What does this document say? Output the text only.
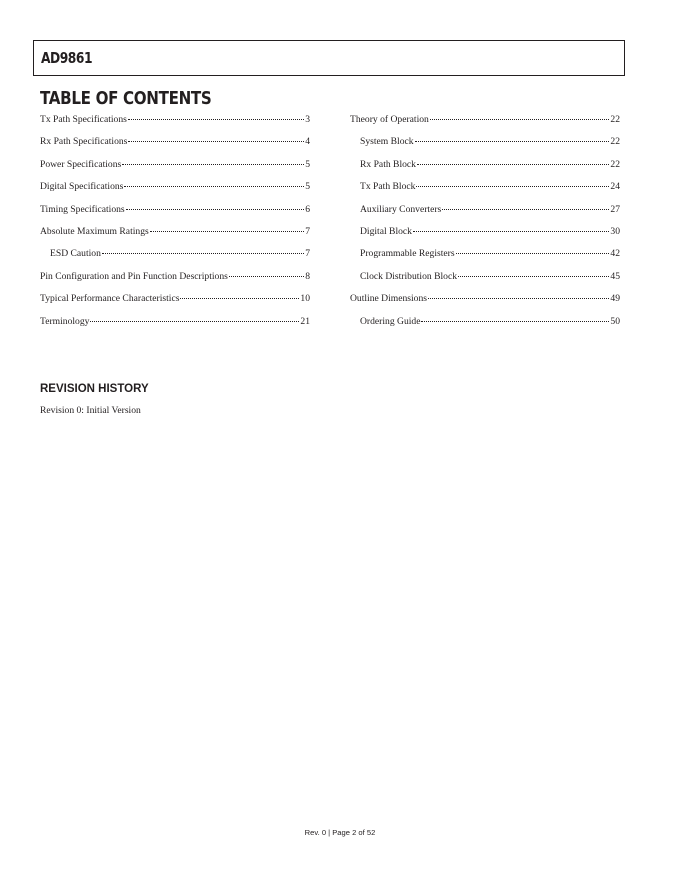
AD9861
TABLE OF CONTENTS
Tx Path Specifications	3
Rx Path Specifications	4
Power Specifications	5
Digital Specifications	5
Timing Specifications	6
Absolute Maximum Ratings	7
ESD Caution	7
Pin Configuration and Pin Function Descriptions	8
Typical Performance Characteristics	10
Terminology	21
Theory of Operation	22
System Block	22
Rx Path Block	22
Tx Path Block	24
Auxiliary Converters	27
Digital Block	30
Programmable Registers	42
Clock Distribution Block	45
Outline Dimensions	49
Ordering Guide	50
REVISION HISTORY
Revision 0: Initial Version
Rev. 0 | Page 2 of 52
